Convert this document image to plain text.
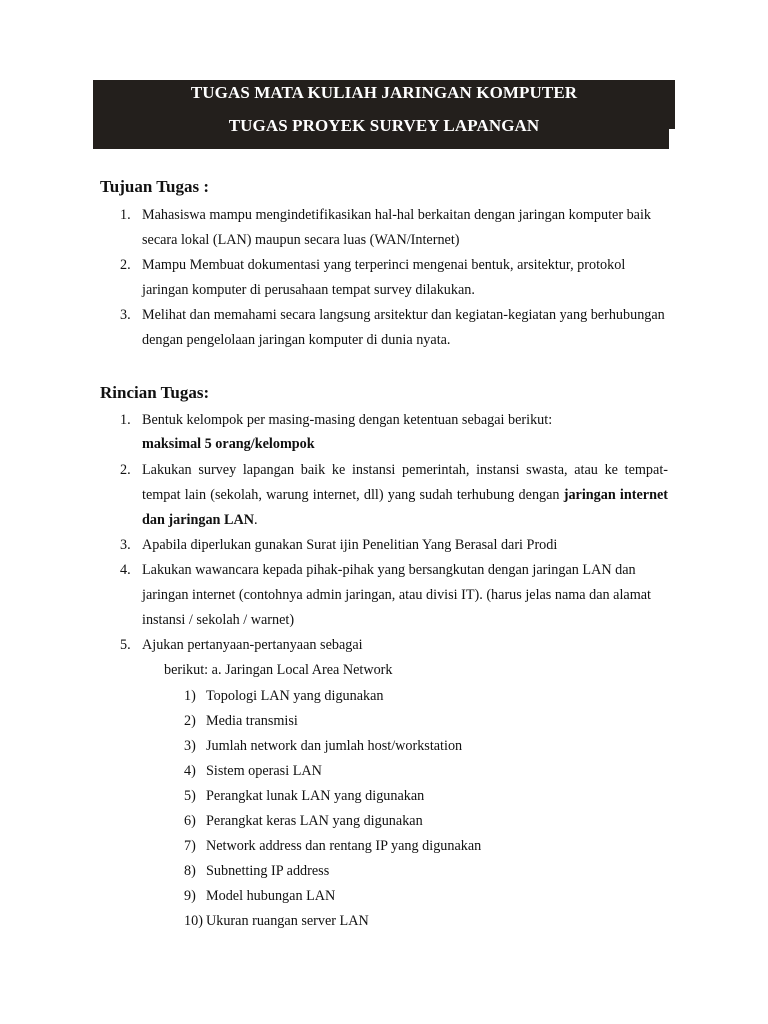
TUGAS MATA KULIAH JARINGAN KOMPUTER
TUGAS PROYEK SURVEY LAPANGAN
Tujuan Tugas :
1. Mahasiswa mampu mengindetifikasikan hal-hal berkaitan dengan jaringan komputer baik
secara lokal (LAN) maupun secara luas (WAN/Internet)
2. Mampu Membuat dokumentasi yang terperinci mengenai bentuk, arsitektur, protokol
jaringan komputer di perusahaan tempat survey dilakukan.
3. Melihat dan memahami secara langsung arsitektur dan kegiatan-kegiatan yang berhubungan
dengan pengelolaan jaringan komputer di dunia nyata.
Rincian Tugas:
1. Bentuk kelompok per masing-masing dengan ketentuan sebagai berikut:
maksimal 5 orang/kelompok
2. Lakukan survey lapangan baik ke instansi pemerintah, instansi swasta, atau ke tempat-
tempat lain (sekolah, warung internet, dll) yang sudah terhubung dengan jaringan internet
dan jaringan LAN.
3. Apabila diperlukan gunakan Surat ijin Penelitian Yang Berasal dari Prodi
4. Lakukan wawancara kepada pihak-pihak yang bersangkutan dengan jaringan LAN dan
jaringan internet (contohnya admin jaringan, atau divisi IT). (harus jelas nama dan alamat
instansi / sekolah / warnet)
5. Ajukan pertanyaan-pertanyaan sebagai
berikut: a. Jaringan Local Area Network
1) Topologi LAN yang digunakan
2) Media transmisi
3) Jumlah network dan jumlah host/workstation
4) Sistem operasi LAN
5) Perangkat lunak LAN yang digunakan
6) Perangkat keras LAN yang digunakan
7) Network address dan rentang IP yang digunakan
8) Subnetting IP address
9) Model hubungan LAN
10) Ukuran ruangan server LAN
